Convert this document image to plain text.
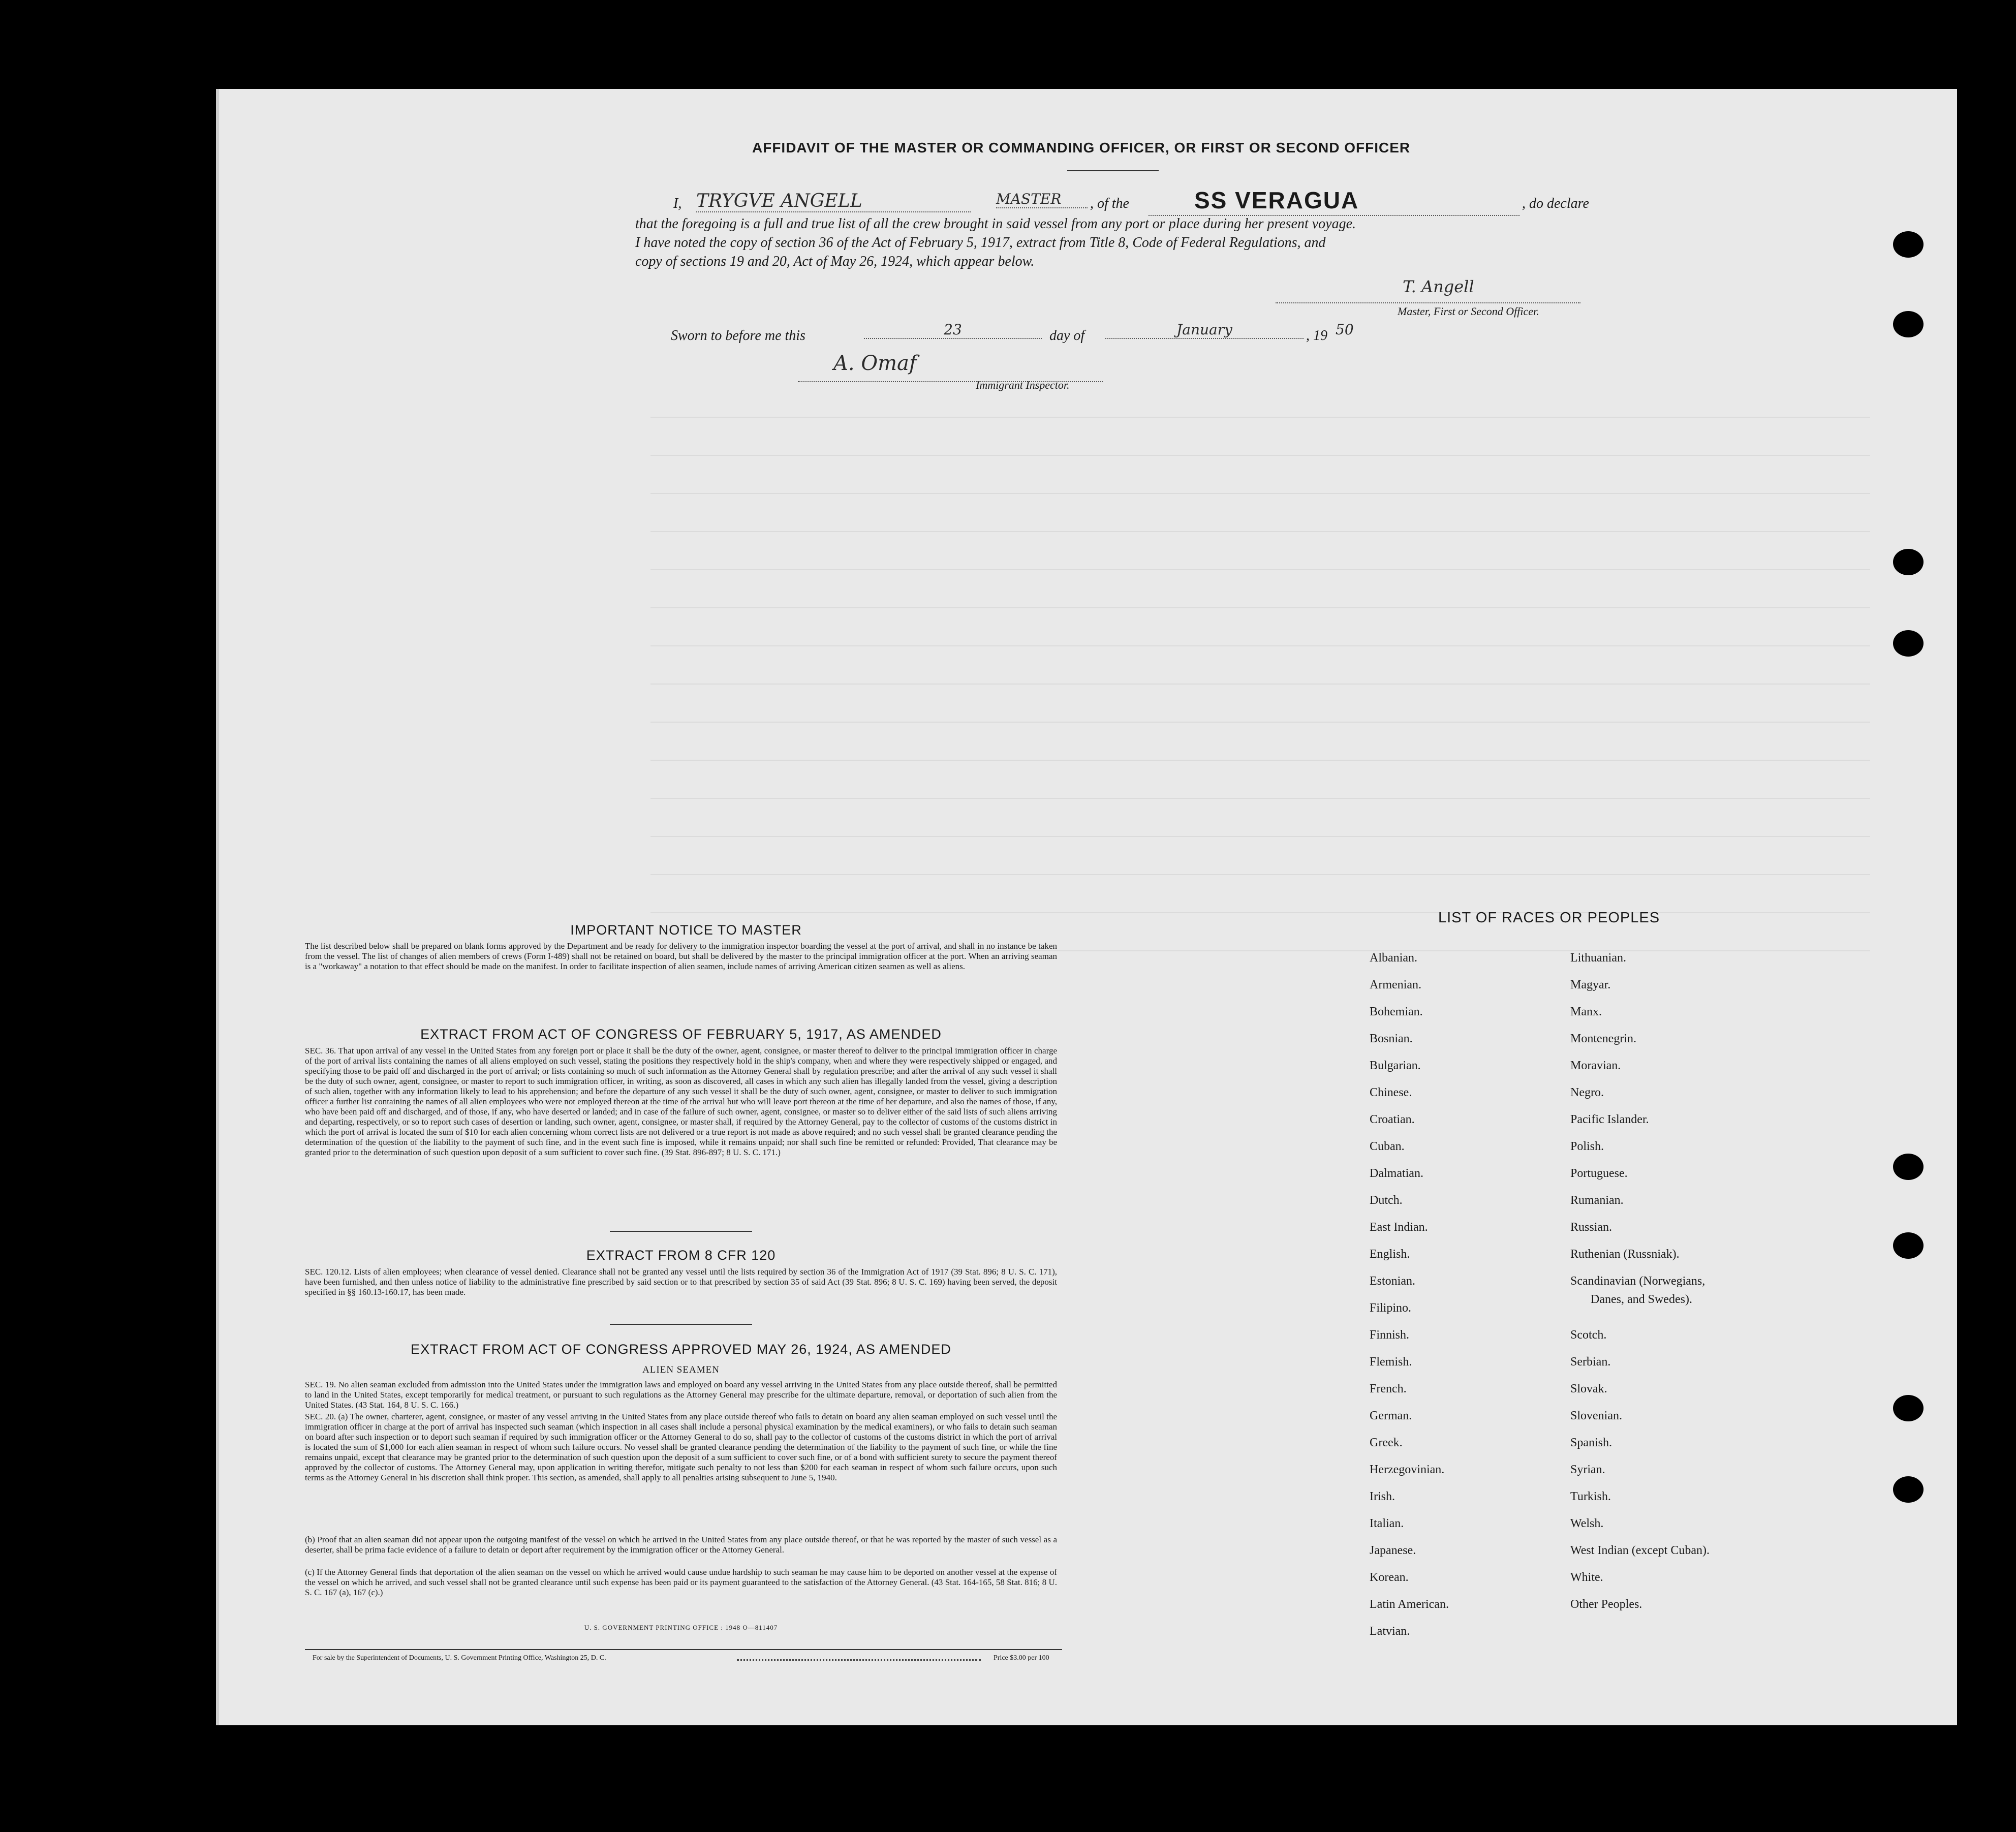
AFFIDAVIT OF THE MASTER OR COMMANDING OFFICER, OR FIRST OR SECOND OFFICER
I, TRYGVE ANGELL	MASTER	, of the	SS VERAGUA	, do declare
that the foregoing is a full and true list of all the crew brought in said vessel from any port or place during her present voyage.
I have noted the copy of section 36 of the Act of February 5, 1917, extract from Title 8, Code of Federal Regulations, and
copy of sections 19 and 20, Act of May 26, 1924, which appear below.
T. Angell
Master, First or Second Officer.
Sworn to before me this	23	day of	January	, 19 50
A. Omaf
Immigrant Inspector.
IMPORTANT NOTICE TO MASTER
The list described below shall be prepared on blank forms approved by the Department and be ready for delivery to the immigration inspector boarding the vessel at the port of arrival, and shall in no instance be taken from the vessel. The list of changes of alien members of crews (Form I-489) shall not be retained on board, but shall be delivered by the master to the principal immigration officer at the port. When an arriving seaman is a "workaway" a notation to that effect should be made on the manifest. In order to facilitate inspection of alien seamen, include names of arriving American citizen seamen as well as aliens.
EXTRACT FROM ACT OF CONGRESS OF FEBRUARY 5, 1917, AS AMENDED
SEC. 36. That upon arrival of any vessel in the United States from any foreign port or place it shall be the duty of the owner, agent, consignee, or master thereof to deliver to the principal immigration officer in charge of the port of arrival lists containing the names of all aliens employed on such vessel, stating the positions they respectively hold in the ship's company, when and where they were respectively shipped or engaged, and specifying those to be paid off and discharged in the port of arrival; or lists containing so much of such information as the Attorney General shall by regulation prescribe; and after the arrival of any such vessel it shall be the duty of such owner, agent, consignee, or master to report to such immigration officer, in writing, as soon as discovered, all cases in which any such alien has illegally landed from the vessel, giving a description of such alien, together with any information likely to lead to his apprehension; and before the departure of any such vessel it shall be the duty of such owner, agent, consignee, or master to deliver to such immigration officer a further list containing the names of all alien employees who were not employed thereon at the time of the arrival but who will leave port thereon at the time of her departure, and also the names of those, if any, who have been paid off and discharged, and of those, if any, who have deserted or landed; and in case of the failure of such owner, agent, consignee, or master so to deliver either of the said lists of such aliens arriving and departing, respectively, or so to report such cases of desertion or landing, such owner, agent, consignee, or master shall, if required by the Attorney General, pay to the collector of customs of the customs district in which the port of arrival is located the sum of $10 for each alien concerning whom correct lists are not delivered or a true report is not made as above required; and no such vessel shall be granted clearance pending the determination of the question of the liability to the payment of such fine, and in the event such fine is imposed, while it remains unpaid; nor shall such fine be remitted or refunded: Provided, That clearance may be granted prior to the determination of such question upon deposit of a sum sufficient to cover such fine. (39 Stat. 896-897; 8 U. S. C. 171.)
EXTRACT FROM 8 CFR 120
SEC. 120.12. Lists of alien employees; when clearance of vessel denied. Clearance shall not be granted any vessel until the lists required by section 36 of the Immigration Act of 1917 (39 Stat. 896; 8 U. S. C. 171), have been furnished, and then unless notice of liability to the administrative fine prescribed by said section or to that prescribed by section 35 of said Act (39 Stat. 896; 8 U. S. C. 169) having been served, the deposit specified in §§ 160.13-160.17, has been made.
EXTRACT FROM ACT OF CONGRESS APPROVED MAY 26, 1924, AS AMENDED
ALIEN SEAMEN
SEC. 19. No alien seaman excluded from admission into the United States under the immigration laws and employed on board any vessel arriving in the United States from any place outside thereof, shall be permitted to land in the United States, except temporarily for medical treatment, or pursuant to such regulations as the Attorney General may prescribe for the ultimate departure, removal, or deportation of such alien from the United States. (43 Stat. 164, 8 U. S. C. 166.)
SEC. 20. (a) The owner, charterer, agent, consignee, or master of any vessel arriving in the United States from any place outside thereof who fails to detain on board any alien seaman employed on such vessel until the immigration officer in charge at the port of arrival has inspected such seaman (which inspection in all cases shall include a personal physical examination by the medical examiners), or who fails to detain such seaman on board after such inspection or to deport such seaman if required by such immigration officer or the Attorney General to do so, shall pay to the collector of customs of the customs district in which the port of arrival is located the sum of $1,000 for each alien seaman in respect of whom such failure occurs. No vessel shall be granted clearance pending the determination of the liability to the payment of such fine, or while the fine remains unpaid, except that clearance may be granted prior to the determination of such question upon the deposit of a sum sufficient to cover such fine, or of a bond with sufficient surety to secure the payment thereof approved by the collector of customs. The Attorney General may, upon application in writing therefor, mitigate such penalty to not less than $200 for each seaman in respect of whom such failure occurs, upon such terms as the Attorney General in his discretion shall think proper. This section, as amended, shall apply to all penalties arising subsequent to June 5, 1940.
(b) Proof that an alien seaman did not appear upon the outgoing manifest of the vessel on which he arrived in the United States from any place outside thereof, or that he was reported by the master of such vessel as a deserter, shall be prima facie evidence of a failure to detain or deport after requirement by the immigration officer or the Attorney General.
(c) If the Attorney General finds that deportation of the alien seaman on the vessel on which he arrived would cause undue hardship to such seaman he may cause him to be deported on another vessel at the expense of the vessel on which he arrived, and such vessel shall not be granted clearance until such expense has been paid or its payment guaranteed to the satisfaction of the Attorney General. (43 Stat. 164-165, 58 Stat. 816; 8 U. S. C. 167 (a), 167 (c).)
U. S. GOVERNMENT PRINTING OFFICE : 1948 O—811407
For sale by the Superintendent of Documents, U. S. Government Printing Office, Washington 25, D. C.	Price $3.00 per 100
LIST OF RACES OR PEOPLES
Albanian.
Armenian.
Bohemian.
Bosnian.
Bulgarian.
Chinese.
Croatian.
Cuban.
Dalmatian.
Dutch.
East Indian.
English.
Estonian.
Filipino.
Finnish.
Flemish.
French.
German.
Greek.
Herzegovinian.
Irish.
Italian.
Japanese.
Korean.
Latin American.
Latvian.
Lithuanian.
Magyar.
Manx.
Montenegrin.
Moravian.
Negro.
Pacific Islander.
Polish.
Portuguese.
Rumanian.
Russian.
Ruthenian (Russniak).
Scandinavian (Norwegians,
Danes, and Swedes).
Scotch.
Serbian.
Slovak.
Slovenian.
Spanish.
Syrian.
Turkish.
Welsh.
West Indian (except Cuban).
White.
Other Peoples.
